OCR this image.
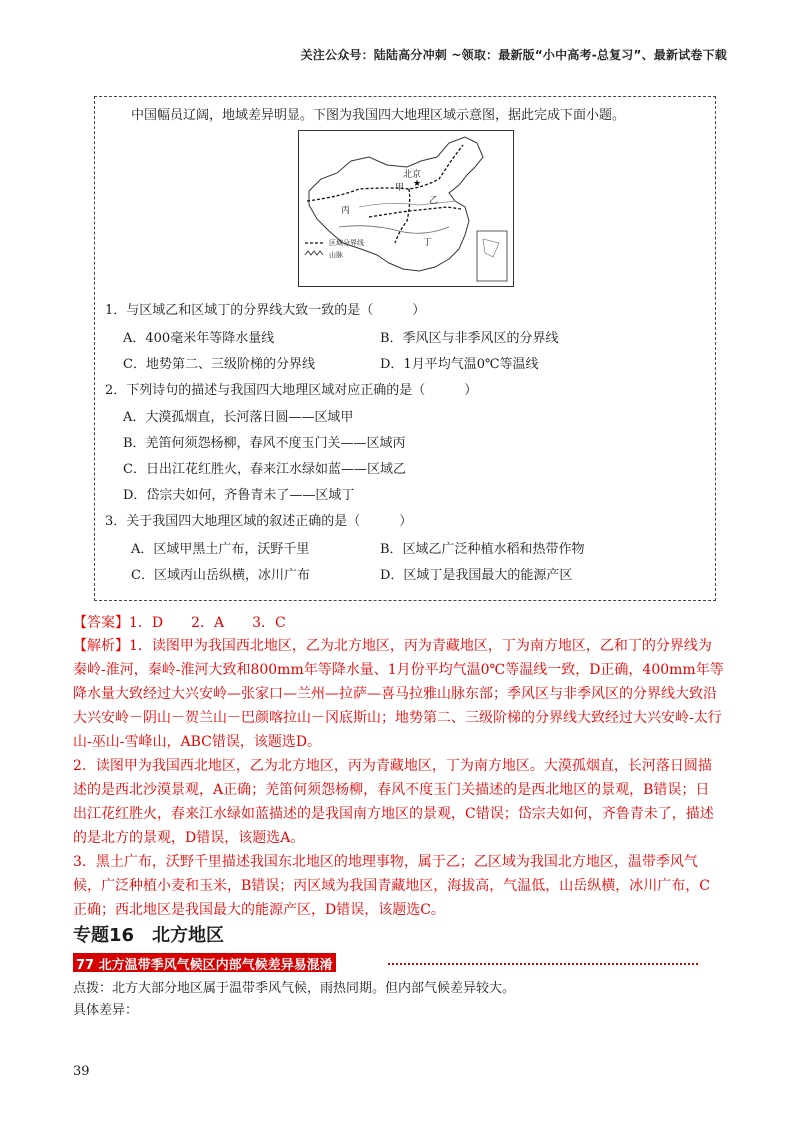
关注公众号：陆陆高分冲刺 ~领取：最新版“小中高考-总复习”、最新试卷下载
中国幅员辽阔，地域差异明显。下图为我国四大地理区域示意图，据此完成下面小题。
★
甲
北京
乙
丙
丁
区域分界线
山脉
1．与区域乙和区域丁的分界线大致一致的是（　　　）
A．400毫米年等降水量线	B．季风区与非季风区的分界线
C．地势第二、三级阶梯的分界线	D．1月平均气温0℃等温线
2．下列诗句的描述与我国四大地理区域对应正确的是（　　　）
A．大漠孤烟直，长河落日圆——区域甲
B．羌笛何须怨杨柳，春风不度玉门关——区域丙
C．日出江花红胜火，春来江水绿如蓝——区域乙
D．岱宗夫如何，齐鲁青未了——区域丁
3．关于我国四大地理区域的叙述正确的是（　　　）
A．区域甲黑土广布，沃野千里	B．区域乙广泛种植水稻和热带作物
C．区域丙山岳纵横，冰川广布	D．区域丁是我国最大的能源产区
【答案】1．D　　2．A　　3．C
【解析】1．读图甲为我国西北地区，乙为北方地区，丙为青藏地区，丁为南方地区，乙和丁的分界线为
秦岭-淮河，秦岭-淮河大致和800mm年等降水量、1月份平均气温0℃等温线一致，D正确，400mm年等
降水量大致经过大兴安岭—张家口—兰州—拉萨—喜马拉雅山脉东部；季风区与非季风区的分界线大致沿
大兴安岭－阴山－贺兰山－巴颜喀拉山－冈底斯山；地势第二、三级阶梯的分界线大致经过大兴安岭-太行
山-巫山-雪峰山，ABC错误，该题选D。
2．读图甲为我国西北地区，乙为北方地区，丙为青藏地区，丁为南方地区。大漠孤烟直，长河落日圆描
述的是西北沙漠景观，A正确；羌笛何须怨杨柳，春风不度玉门关描述的是西北地区的景观，B错误；日
出江花红胜火，春来江水绿如蓝描述的是我国南方地区的景观，C错误；岱宗夫如何，齐鲁青未了，描述
的是北方的景观，D错误，该题选A。
3．黑土广布，沃野千里描述我国东北地区的地理事物，属于乙；乙区域为我国北方地区，温带季风气
候，广泛种植小麦和玉米，B错误；丙区域为我国青藏地区，海拔高，气温低，山岳纵横，冰川广布，C
正确；西北地区是我国最大的能源产区，D错误，该题选C。
专题16　北方地区
77 北方温带季风气候区内部气候差异易混淆
点拨：北方大部分地区属于温带季风气候，雨热同期。但内部气候差异较大。
具体差异：
39
